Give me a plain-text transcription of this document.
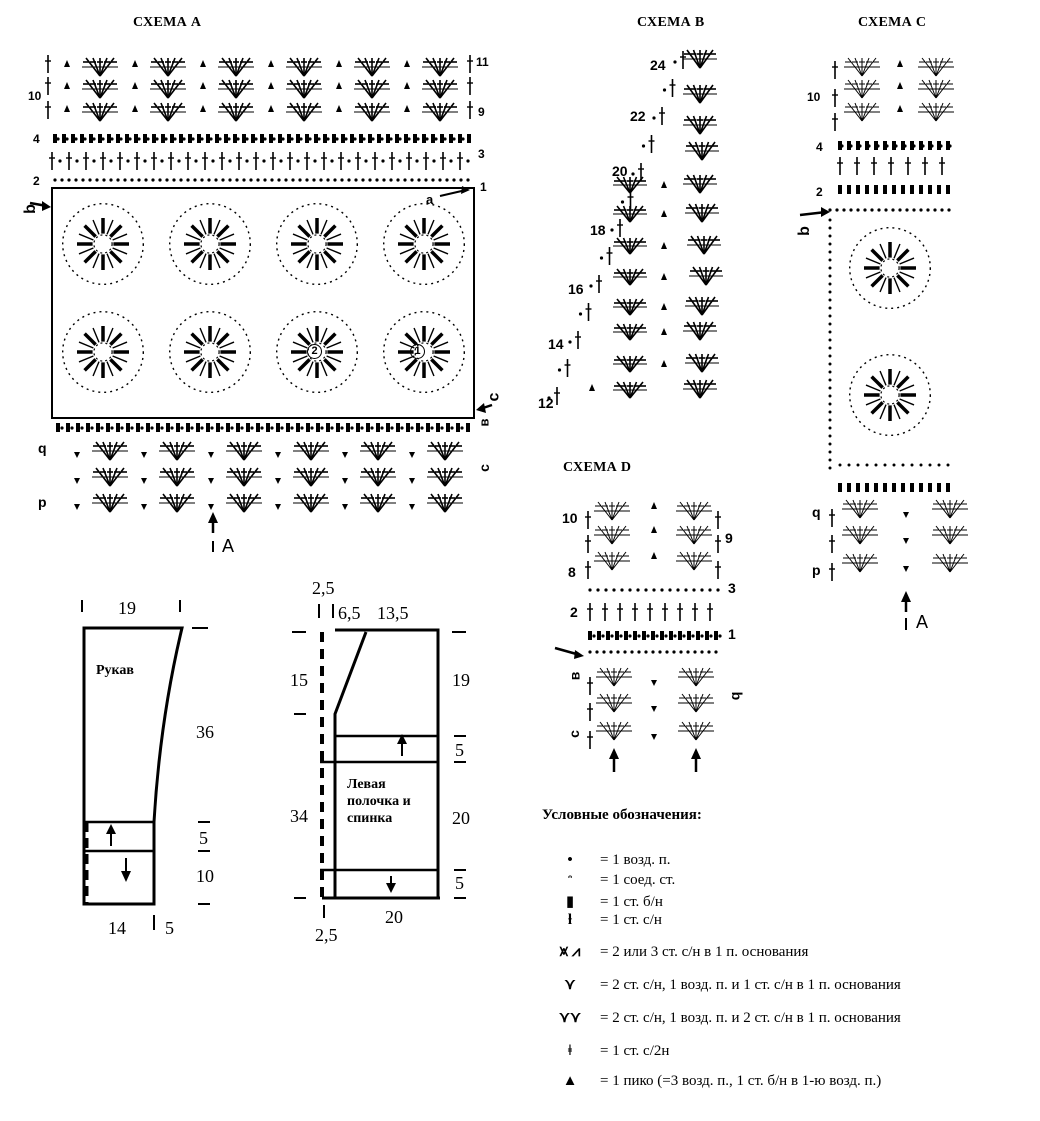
СХЕМА А	СХЕМА B	СХЕМА С
СХЕМА D
10
4
2
11
9
3
1
b
a
c
в
q
с
p
2	1
A
24
22
20
18
16
14
12
10
4
2
b
q
p
A
10
8
2
9
3
1
в
q
с
19
Рукав
36
5
10
14 5
2,5
6,5 13,5
15
34
19
5
20
5
Левая полочка и спинка
20
2,5
Условные обозначения:
• = 1 возд. п.
ᵔ = 1 соед. ст.
▮ = 1 ст. б/н
ƚ = 1 ст. с/н
⩙ ⩘ = 2 или 3 ст. с/н в 1 п. основания
⋎ = 2 ст. с/н, 1 возд. п. и 1 ст. с/н в 1 п. основания
⋎⋎ = 2 ст. с/н, 1 возд. п. и 2 ст. с/н в 1 п. основания
ǂ = 1 ст. с/2н
▲ = 1 пико (=3 возд. п., 1 ст. б/н в 1-ю возд. п.)
